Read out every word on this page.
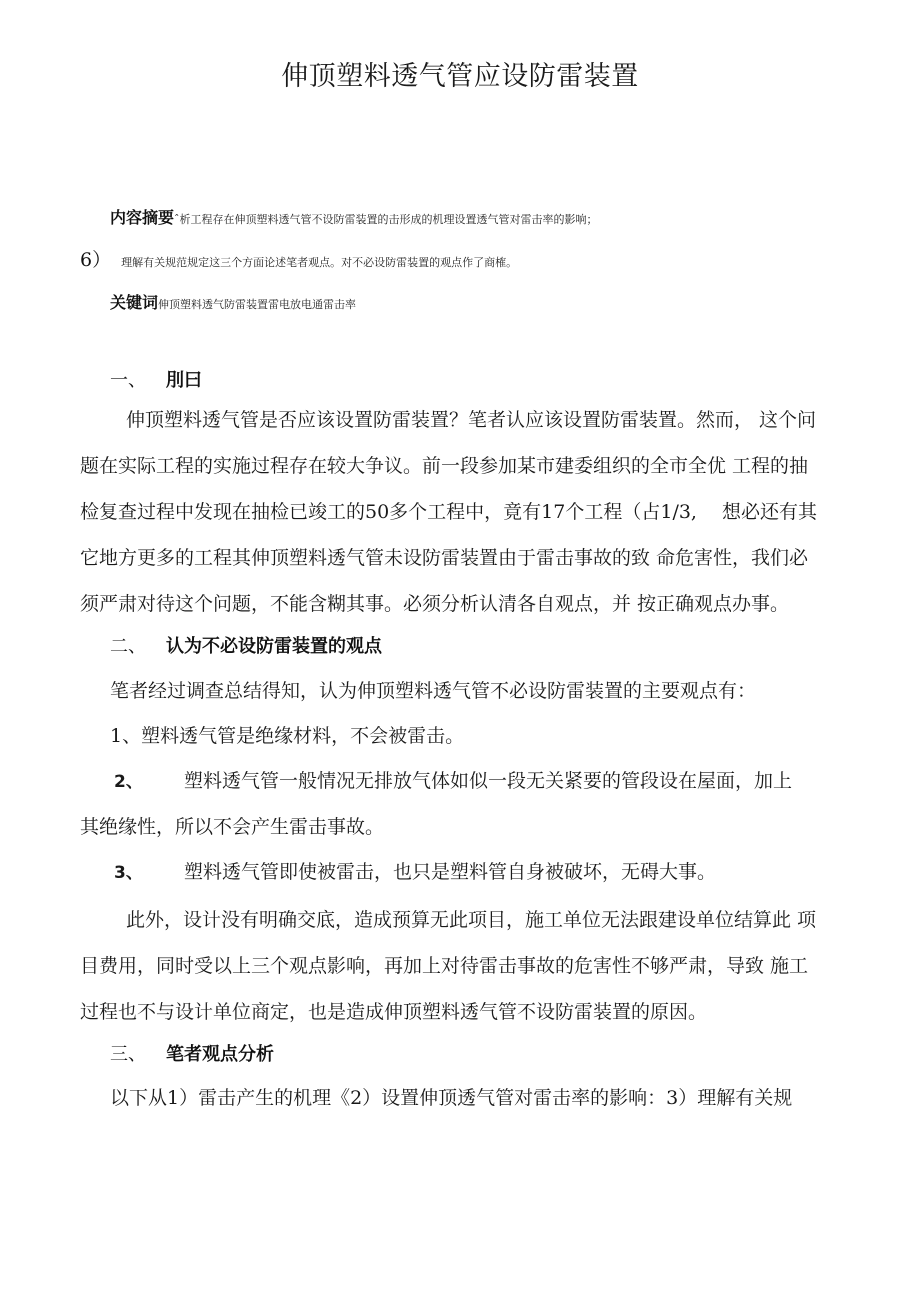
伸顶塑料透气管应设防雷装置
内容摘要ˆ析工程存在伸顶塑料透气管不设防雷装置的击形成的机理设置透气管对雷击率的影响；
6） 理解有关规范规定这三个方面论述笔者观点。对不必设防雷装置的观点作了商榷。
关键词伸顶塑料透气防雷装置雷电放电通雷击率
一、 刖曰
伸顶塑料透气管是否应该设置防雷装置？笔者认应该设置防雷装置。然而， 这个问
题在实际工程的实施过程存在较大争议。前一段参加某市建委组织的全市全优 工程的抽
检复查过程中发现在抽检已竣工的50多个工程中，竟有17个工程（占1/3,　 想必还有其
它地方更多的工程其伸顶塑料透气管未设防雷装置由于雷击事故的致 命危害性，我们必
须严肃对待这个问题，不能含糊其事。必须分析认清各自观点，并 按正确观点办事。
二、 认为不必设防雷装置的观点
笔者经过调查总结得知，认为伸顶塑料透气管不必设防雷装置的主要观点有：
1、塑料透气管是绝缘材料，不会被雷击。
2、 塑料透气管一般情况无排放气体如似一段无关紧要的管段设在屋面，加上
其绝缘性，所以不会产生雷击事故。
3、 塑料透气管即使被雷击，也只是塑料管自身被破坏，无碍大事。
此外，设计没有明确交底，造成预算无此项目，施工单位无法跟建设单位结算此 项
目费用，同时受以上三个观点影响，再加上对待雷击事故的危害性不够严肃，导致 施工
过程也不与设计单位商定，也是造成伸顶塑料透气管不设防雷装置的原因。
三、 笔者观点分析
以下从1）雷击产生的机理《2）设置伸顶透气管对雷击率的影响：3）理解有关规
